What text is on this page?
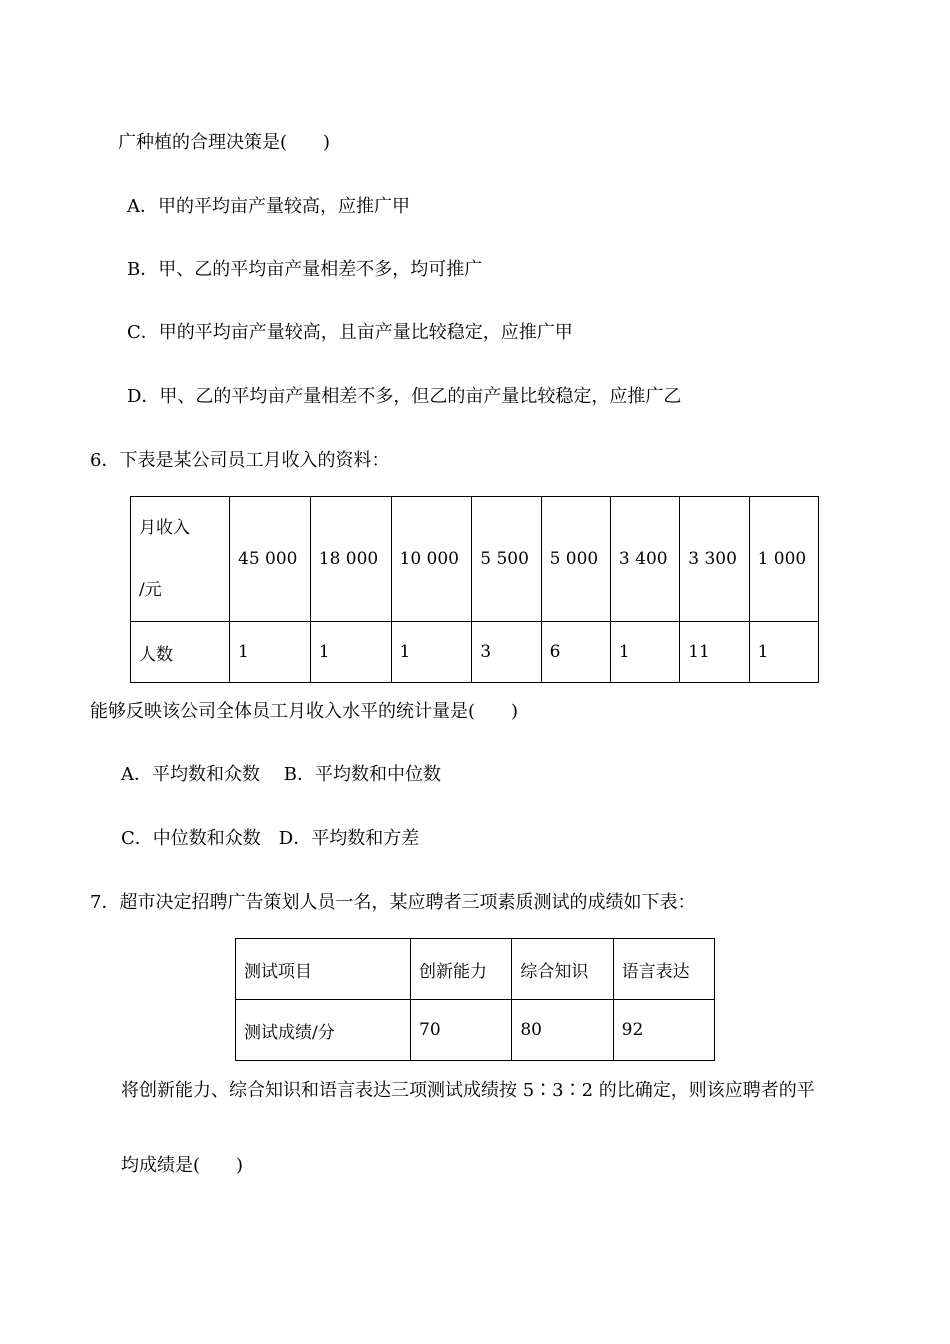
广种植的合理决策是(　　)
A．甲的平均亩产量较高，应推广甲
B．甲、乙的平均亩产量相差不多，均可推广
C．甲的平均亩产量较高，且亩产量比较稳定，应推广甲
D．甲、乙的平均亩产量相差不多，但乙的亩产量比较稳定，应推广乙
6．下表是某公司员工月收入的资料：
月收入
/元	45 000	18 000	10 000	5 500	5 000	3 400	3 300	1 000
人数	1	1	1	3	6	1	11	1
能够反映该公司全体员工月收入水平的统计量是(　　)
A．平均数和众数　 B．平均数和中位数
C．中位数和众数　D．平均数和方差
7．超市决定招聘广告策划人员一名，某应聘者三项素质测试的成绩如下表：
测试项目	创新能力	综合知识	语言表达
测试成绩/分	70	80	92
将创新能力、综合知识和语言表达三项测试成绩按 5∶3∶2 的比确定，则该应聘者的平
均成绩是(　　)
